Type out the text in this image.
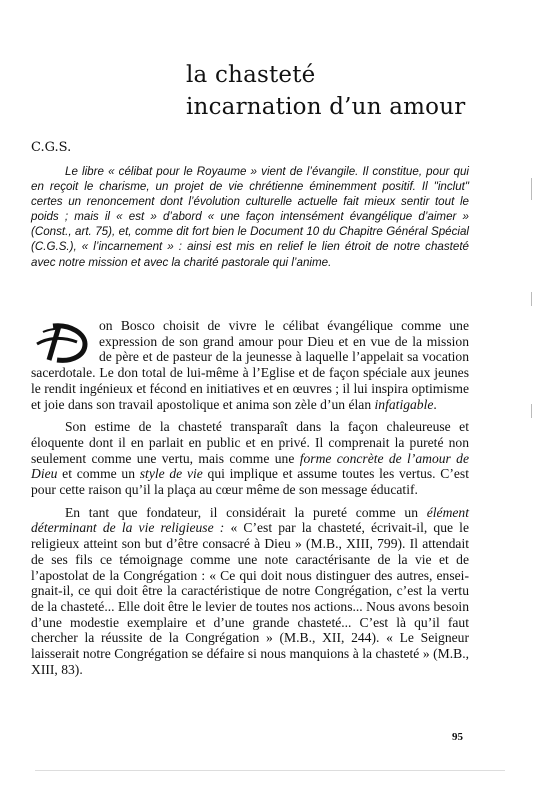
la chasteté
incarnation d’un amour
C.G.S.

Le libre « célibat pour le Royaume » vient de l’évangile. Il constitue, pour qui en reçoit le charisme, un projet de vie chrétienne éminemment positif. Il "inclut" certes un renoncement dont l’évolution culturelle actuelle fait mieux sentir tout le poids ; mais il « est » d’abord « une façon intensément évangélique d’aimer » (Const., art. 75), et, comme dit fort bien le Document 10 du Chapitre Général Spécial (C.G.S.), « l’incarnement » : ainsi est mis en relief le lien étroit de notre chasteté avec notre mission et avec la charité pastorale qui l’anime.

on Bosco choisit de vivre le célibat évangélique comme une expression de son grand amour pour Dieu et en vue de la mission de père et de pasteur de la jeunesse à laquelle l’appelait sa vocation sacerdotale. Le don total de lui-même à l’Eglise et de façon spéciale aux jeunes le rendit ingénieux et fécond en initiatives et en œuvres ; il lui inspira optimisme et joie dans son travail apostolique et anima son zèle d’un élan infatigable.

Son estime de la chasteté transparaît dans la façon chaleureuse et éloquente dont il en parlait en public et en privé. Il comprenait la pureté non seulement comme une vertu, mais comme une forme concrète de l’amour de Dieu et comme un style de vie qui implique et assume toutes les vertus. C’est pour cette raison qu’il la plaça au cœur même de son message éducatif.

En tant que fondateur, il considérait la pureté comme un élément déterminant de la vie religieuse : « C’est par la chasteté, écrivait-il, que le religieux atteint son but d’être consacré à Dieu » (M.B., XIII, 799). Il attendait de ses fils ce témoignage comme une note caractérisante de la vie et de l’apostolat de la Congrégation : « Ce qui doit nous distinguer des autres, enseignait-il, ce qui doit être la caractéristique de notre Congrégation, c’est la vertu de la chasteté... Elle doit être le levier de toutes nos actions... Nous avons besoin d’une modestie exemplaire et d’une grande chasteté... C’est là qu’il faut chercher la réussite de la Congrégation » (M.B., XII, 244). « Le Seigneur laisserait notre Congrégation se défaire si nous manquions à la chasteté » (M.B., XIII, 83).

95
